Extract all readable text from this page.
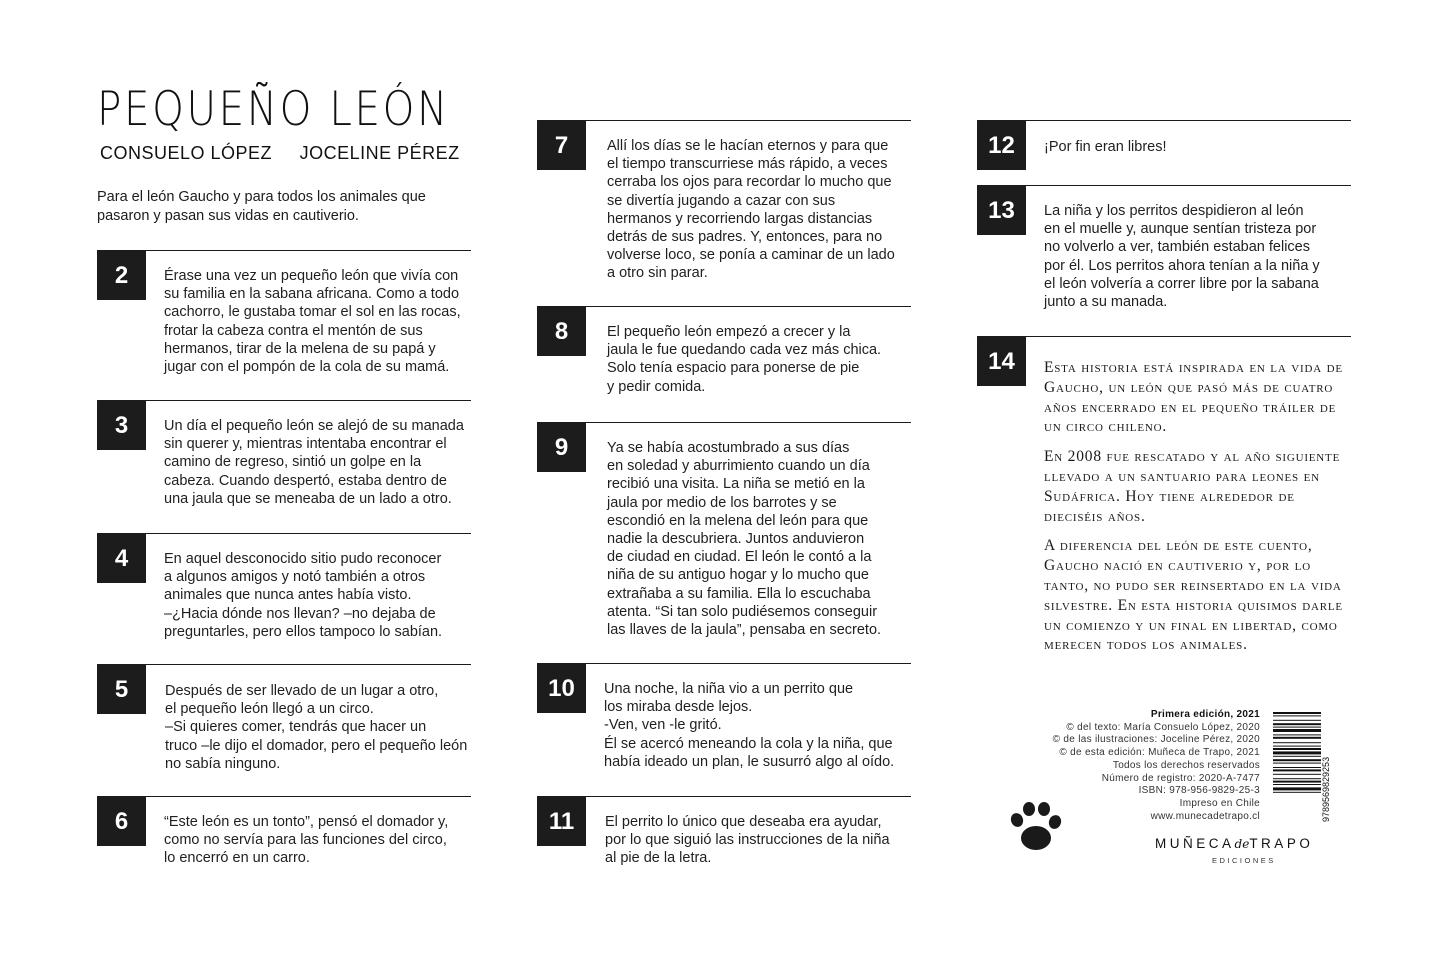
PEQUEÑO LEÓN
CONSUELO LÓPEZ JOCELINE PÉREZ
Para el león Gaucho y para todos los animales que pasaron y pasan sus vidas en cautiverio.
2	Érase una vez un pequeño león que vivía con
su familia en la sabana africana. Como a todo
cachorro, le gustaba tomar el sol en las rocas,
frotar la cabeza contra el mentón de sus
hermanos, tirar de la melena de su papá y
jugar con el pompón de la cola de su mamá.
3	Un día el pequeño león se alejó de su manada
sin querer y, mientras intentaba encontrar el
camino de regreso, sintió un golpe en la
cabeza. Cuando despertó, estaba dentro de
una jaula que se meneaba de un lado a otro.
4	En aquel desconocido sitio pudo reconocer
a algunos amigos y notó también a otros
animales que nunca antes había visto.
–¿Hacia dónde nos llevan? –no dejaba de
preguntarles, pero ellos tampoco lo sabían.
5	Después de ser llevado de un lugar a otro,
el pequeño león llegó a un circo.
–Si quieres comer, tendrás que hacer un
truco –le dijo el domador, pero el pequeño león
no sabía ninguno.
6	“Este león es un tonto”, pensó el domador y,
como no servía para las funciones del circo,
lo encerró en un carro.
7	Allí los días se le hacían eternos y para que
el tiempo transcurriese más rápido, a veces
cerraba los ojos para recordar lo mucho que
se divertía jugando a cazar con sus
hermanos y recorriendo largas distancias
detrás de sus padres. Y, entonces, para no
volverse loco, se ponía a caminar de un lado
a otro sin parar.
8	El pequeño león empezó a crecer y la
jaula le fue quedando cada vez más chica.
Solo tenía espacio para ponerse de pie
y pedir comida.
9	Ya se había acostumbrado a sus días
en soledad y aburrimiento cuando un día
recibió una visita. La niña se metió en la
jaula por medio de los barrotes y se
escondió en la melena del león para que
nadie la descubriera. Juntos anduvieron
de ciudad en ciudad. El león le contó a la
niña de su antiguo hogar y lo mucho que
extrañaba a su familia. Ella lo escuchaba
atenta. “Si tan solo pudiésemos conseguir
las llaves de la jaula”, pensaba en secreto.
10	Una noche, la niña vio a un perrito que
los miraba desde lejos.
-Ven, ven -le gritó.
Él se acercó meneando la cola y la niña, que
había ideado un plan, le susurró algo al oído.
11	El perrito lo único que deseaba era ayudar,
por lo que siguió las instrucciones de la niña
al pie de la letra.
12	¡Por fin eran libres!
13	La niña y los perritos despidieron al león
en el muelle y, aunque sentían tristeza por
no volverlo a ver, también estaban felices
por él. Los perritos ahora tenían a la niña y
el león volvería a correr libre por la sabana
junto a su manada.
14	Esta historia está inspirada en la vida de Gaucho, un león que pasó más de cuatro años encerrado en el pequeño tráiler de un circo chileno.

En 2008 fue rescatado y al año siguiente llevado a un santuario para leones en Sudáfrica. Hoy tiene alrededor de dieciséis años.

A diferencia del león de este cuento, Gaucho nació en cautiverio y, por lo tanto, no pudo ser reinsertado en la vida silvestre. En esta historia quisimos darle un comienzo y un final en libertad, como merecen todos los animales.

Primera edición, 2021
© del texto: María Consuelo López, 2020
© de las ilustraciones: Joceline Pérez, 2020
© de esta edición: Muñeca de Trapo, 2021
Todos los derechos reservados
Número de registro: 2020-A-7477
ISBN: 978-956-9829-25-3
Impreso en Chile
www.munecadetrapo.cl	9789569829253
MUÑECAdeTRAPO
EDICIONES
